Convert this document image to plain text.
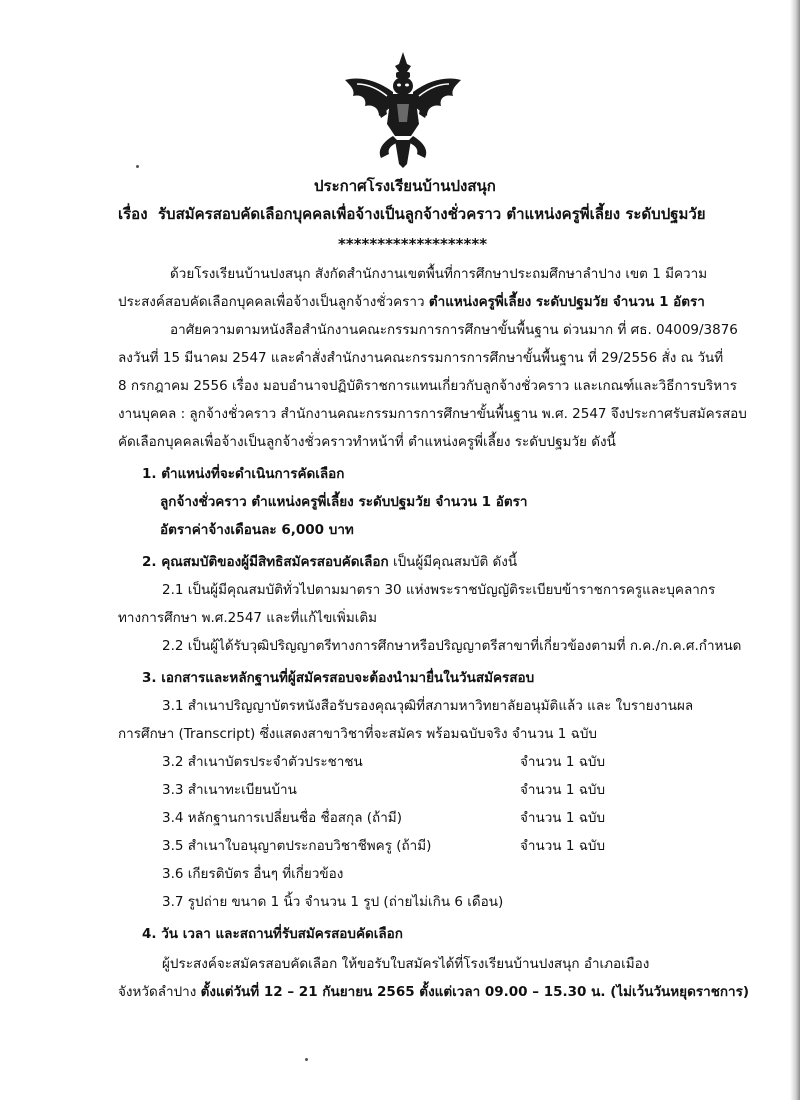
ประกาศโรงเรียนบ้านปงสนุก
เรื่อง รับสมัครสอบคัดเลือกบุคคลเพื่อจ้างเป็นลูกจ้างชั่วคราว ตำแหน่งครูพี่เลี้ยง ระดับปฐมวัย
*******************
ด้วยโรงเรียนบ้านปงสนุก สังกัดสำนักงานเขตพื้นที่การศึกษาประถมศึกษาลำปาง เขต 1 มีความ
ประสงค์สอบคัดเลือกบุคคลเพื่อจ้างเป็นลูกจ้างชั่วคราว ตำแหน่งครูพี่เลี้ยง ระดับปฐมวัย จำนวน 1 อัตรา
อาศัยความตามหนังสือสำนักงานคณะกรรมการการศึกษาขั้นพื้นฐาน ด่วนมาก ที่ ศธ. 04009/3876
ลงวันที่ 15 มีนาคม 2547 และคำสั่งสำนักงานคณะกรรมการการศึกษาขั้นพื้นฐาน ที่ 29/2556 สั่ง ณ วันที่
8 กรกฎาคม 2556 เรื่อง มอบอำนาจปฏิบัติราชการแทนเกี่ยวกับลูกจ้างชั่วคราว และเกณฑ์และวิธีการบริหาร
งานบุคคล : ลูกจ้างชั่วคราว สำนักงานคณะกรรมการการศึกษาขั้นพื้นฐาน พ.ศ. 2547 จึงประกาศรับสมัครสอบ
คัดเลือกบุคคลเพื่อจ้างเป็นลูกจ้างชั่วคราวทำหน้าที่ ตำแหน่งครูพี่เลี้ยง ระดับปฐมวัย ดังนี้
1. ตำแหน่งที่จะดำเนินการคัดเลือก
ลูกจ้างชั่วคราว ตำแหน่งครูพี่เลี้ยง ระดับปฐมวัย จำนวน 1 อัตรา
อัตราค่าจ้างเดือนละ 6,000 บาท
2. คุณสมบัติของผู้มีสิทธิสมัครสอบคัดเลือก เป็นผู้มีคุณสมบัติ ดังนี้
2.1 เป็นผู้มีคุณสมบัติทั่วไปตามมาตรา 30 แห่งพระราชบัญญัติระเบียบข้าราชการครูและบุคลากร
ทางการศึกษา พ.ศ.2547 และที่แก้ไขเพิ่มเติม
2.2 เป็นผู้ได้รับวุฒิปริญญาตรีทางการศึกษาหรือปริญญาตรีสาขาที่เกี่ยวข้องตามที่ ก.ค./ก.ค.ศ.กำหนด
3. เอกสารและหลักฐานที่ผู้สมัครสอบจะต้องนำมายื่นในวันสมัครสอบ
3.1 สำเนาปริญญาบัตรหนังสือรับรองคุณวุฒิที่สภามหาวิทยาลัยอนุมัติแล้ว และ ใบรายงานผล
การศึกษา (Transcript) ซึ่งแสดงสาขาวิชาที่จะสมัคร พร้อมฉบับจริง จำนวน 1 ฉบับ
3.2 สำเนาบัตรประจำตัวประชาชน	จำนวน 1 ฉบับ
3.3 สำเนาทะเบียนบ้าน	จำนวน 1 ฉบับ
3.4 หลักฐานการเปลี่ยนชื่อ ชื่อสกุล (ถ้ามี)	จำนวน 1 ฉบับ
3.5 สำเนาใบอนุญาตประกอบวิชาชีพครู (ถ้ามี)	จำนวน 1 ฉบับ
3.6 เกียรติบัตร อื่นๆ ที่เกี่ยวข้อง
3.7 รูปถ่าย ขนาด 1 นิ้ว จำนวน 1 รูป (ถ่ายไม่เกิน 6 เดือน)
4. วัน เวลา และสถานที่รับสมัครสอบคัดเลือก
ผู้ประสงค์จะสมัครสอบคัดเลือก ให้ขอรับใบสมัครได้ที่โรงเรียนบ้านปงสนุก อำเภอเมือง
จังหวัดลำปาง ตั้งแต่วันที่ 12 – 21 กันยายน 2565 ตั้งแต่เวลา 09.00 – 15.30 น. (ไม่เว้นวันหยุดราชการ)
